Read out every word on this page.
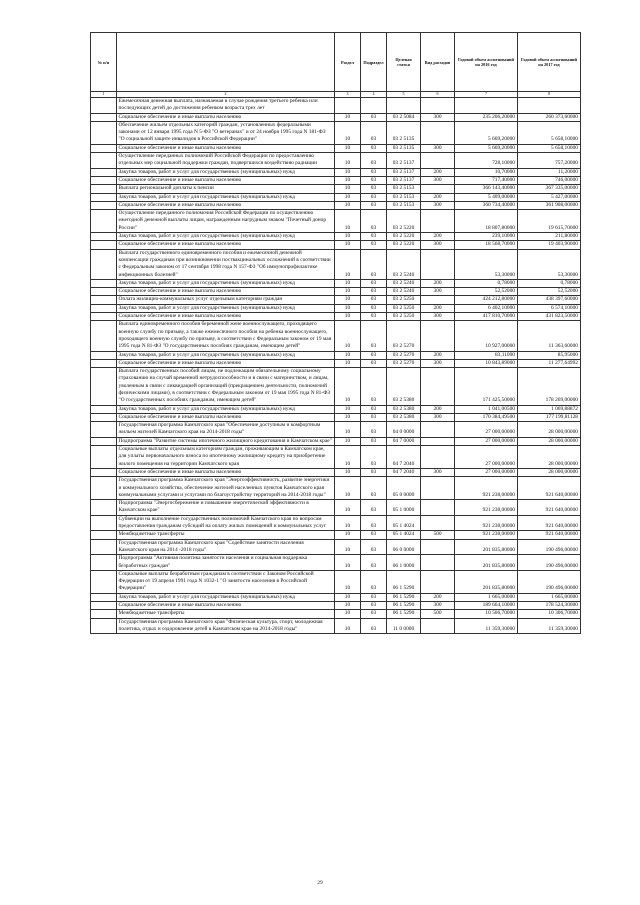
№ п/п		Раздел	Подраздел	Целевая статья	Вид расходов	Годовой объем ассигнований на 2016 год	Годовой объем ассигнований на 2017 год
1	2	3	4	5	6	7	8
	Ежемесячная денежная выплата, назначаемая в случае рождения третьего ребенка или последующих детей до достижения ребенком возраста трех лет						
	Социальное обеспечение и иные выплаты населению	10	03	03 2 5084	300	235 206,20000	260 373,60000
	Обеспечение жильем отдельных категорий граждан, установленных федеральными законами от 12 января 1995 года N 5-ФЗ "О ветеранах" и от 24 ноября 1995 года N 181-ФЗ "О социальной защите инвалидов в Российской Федерации"	10	03	03 2 5135		5 669,20000	5 658,10000
	Социальное обеспечение и иные выплаты населению	10	03	03 2 5135	300	5 669,20000	5 658,10000
	Осуществление переданных полномочий Российской Федерации по предоставлению отдельных мер социальной поддержки граждан, подвергшихся воздействию радиации	10	03	03 2 5137		728,10000	757,20000
	Закупка товаров, работ и услуг для государственных (муниципальных) нужд	10	03	03 2 5137	200	10,70000	11,20000
	Социальное обеспечение и иные выплаты населению	10	03	03 2 5137	300	717,40000	746,00000
	Выплата региональной доплаты к пенсии	10	03	03 2 5153		366 143,40000	367 335,00000
	Закупка товаров, работ и услуг для государственных (муниципальных) нужд	10	03	03 2 5153	200	5 409,00000	5 427,00000
	Социальное обеспечение и иные выплаты населению	10	03	03 2 5153	300	360 734,40000	361 908,00000
	Осуществление переданного полномочия Российской Федерации по осуществлению ежегодной денежной выплаты лицам, награжденным нагрудным знаком "Почетный донор России"	10	03	03 2 5220		18 807,80000	19 615,70000
	Закупка товаров, работ и услуг для государственных (муниципальных) нужд	10	03	03 2 5220	200	239,10000	211,80000
	Социальное обеспечение и иные выплаты населению	10	03	03 2 5220	300	18 568,70000	19 403,90000
	Выплата государственного единовременного пособия и ежемесячной денежной компенсации гражданам при возникновении поствакцинальных осложнений в соответствии с Федеральным законом от 17 сентября 1998 года N 157-ФЗ "Об иммунопрофилактике инфекционных болезней"	10	03	03 2 5240		53,30000	53,30000
	Закупка товаров, работ и услуг для государственных (муниципальных) нужд	10	03	03 2 5240	200	0,78000	0,78000
	Социальное обеспечение и иные выплаты населению	10	03	03 2 5240	300	52,52000	52,52000
	Оплата жилищно-коммунальных услуг отдельным категориям граждан	10	03	03 2 5250		424 212,80000	438 397,60000
	Закупка товаров, работ и услуг для государственных (муниципальных) нужд	10	03	03 2 5250	200	6 402,10000	6 574,10000
	Социальное обеспечение и иные выплаты населению	10	03	03 2 5250	300	417 810,70000	431 823,50000
	Выплата единовременного пособия беременной жене военнослужащего, проходящего военную службу по призыву, а также ежемесячного пособия на ребенка военнослужащего, проходящего военную службу по призыву, в соответствии с Федеральным законом от 19 мая 1995 года N 81-ФЗ "О государственных пособиях гражданам, имеющим детей"	10	03	03 2 5270		10 927,00000	11 363,60000
	Закупка товаров, работ и услуг для государственных (муниципальных) нужд	10	03	03 2 5270	200	83,11000	85,95000
	Социальное обеспечение и иные выплаты населению	10	03	03 2 5270	300	10 843,89000	11 277,64992
	Выплата государственных пособий лицам, не подлежащим обязательному социальному страхованию на случай временной нетрудоспособности и в связи с материнством, и лицам, уволенным в связи с ликвидацией организаций (прекращением деятельности, полномочий физическими лицами), в соответствии с Федеральным законом от 19 мая 1995 года N 81-ФЗ "О государственных пособиях гражданам, имеющим детей"	10	03	03 2 5380		171 425,50000	178 269,00000
	Закупка товаров, работ и услуг для государственных (муниципальных) нужд	10	03	03 2 5380	200	1 041,00500	1 069,88872
	Социальное обеспечение и иные выплаты населению	10	03	03 2 5380	300	170 384,49500	177 199,81128
	Государственная программа Камчатского края "Обеспечение доступным и комфортным жильем жителей Камчатского края на 2014-2018 годы"	10	03	04 0 0000		27 000,00000	28 000,00000
	Подпрограмма "Развитие системы ипотечного жилищного кредитования в Камчатском крае"	10	03	04 7 0000		27 000,00000	28 000,00000
	Социальные выплаты отдельным категориям граждан, проживающим в Камчатском крае, для уплаты первоначального взноса по ипотечному жилищному кредиту на приобретение жилого помещения на территории Камчатского края	10	03	04 7 2040		27 000,00000	28 000,00000
	Социальное обеспечение и иные выплаты населению	10	03	04 7 2040	300	27 000,00000	28 000,00000
	Государственная программа Камчатского края "Энергоэффективность, развитие энергетики и коммунального хозяйства, обеспечение жителей населенных пунктов Камчатского края коммунальными услугами и услугами по благоустройству территорий на 2014-2018 годы"	10	03	05 0 0000		921 238,00000	921 640,00000
	Подпрограмма "Энергосбережение и повышение энергетической эффективности в Камчатском крае"	10	03	05 1 0000		921 238,00000	921 640,00000
	Субвенции на выполнение государственных полномочий Камчатского края по вопросам предоставления гражданам субсидий на оплату жилых помещений и коммунальных услуг	10	03	05 1 4024		921 238,00000	921 640,00000
	Межбюджетные трансферты	10	03	05 1 4024	500	921 238,00000	921 640,00000
	Государственная программа Камчатского края "Содействие занятости населения Камчатского края на 2014 -2018 годы"	10	03	06 0 0000		201 835,80000	190 496,00000
	Подпрограмма "Активная политика занятости населения и социальная поддержка безработных граждан"	10	03	06 1 0000		201 835,80000	190 496,00000
	Социальные выплаты безработным гражданам в соответствии с Законом Российской Федерации от 19 апреля 1991 года N 1032-1 "О занятости населения в Российской Федерации"	10	03	06 1 5290		201 835,80000	190 496,00000
	Закупка товаров, работ и услуг для государственных (муниципальных) нужд	10	03	06 1 5290	200	1 665,00000	1 665,00000
	Социальное обеспечение и иные выплаты населению	10	03	06 1 5290	300	189 664,10000	178 524,30000
	Межбюджетные трансферты	10	03	06 1 5290	500	10 506,70000	10 306,70000
	Государственная программа Камчатского края "Физическая культура, спорт, молодежная политика, отдых и оздоровление детей в Камчатском крае на 2014-2018 годы"	10	03	11 0 0000		11 359,30000	11 359,30000
29
